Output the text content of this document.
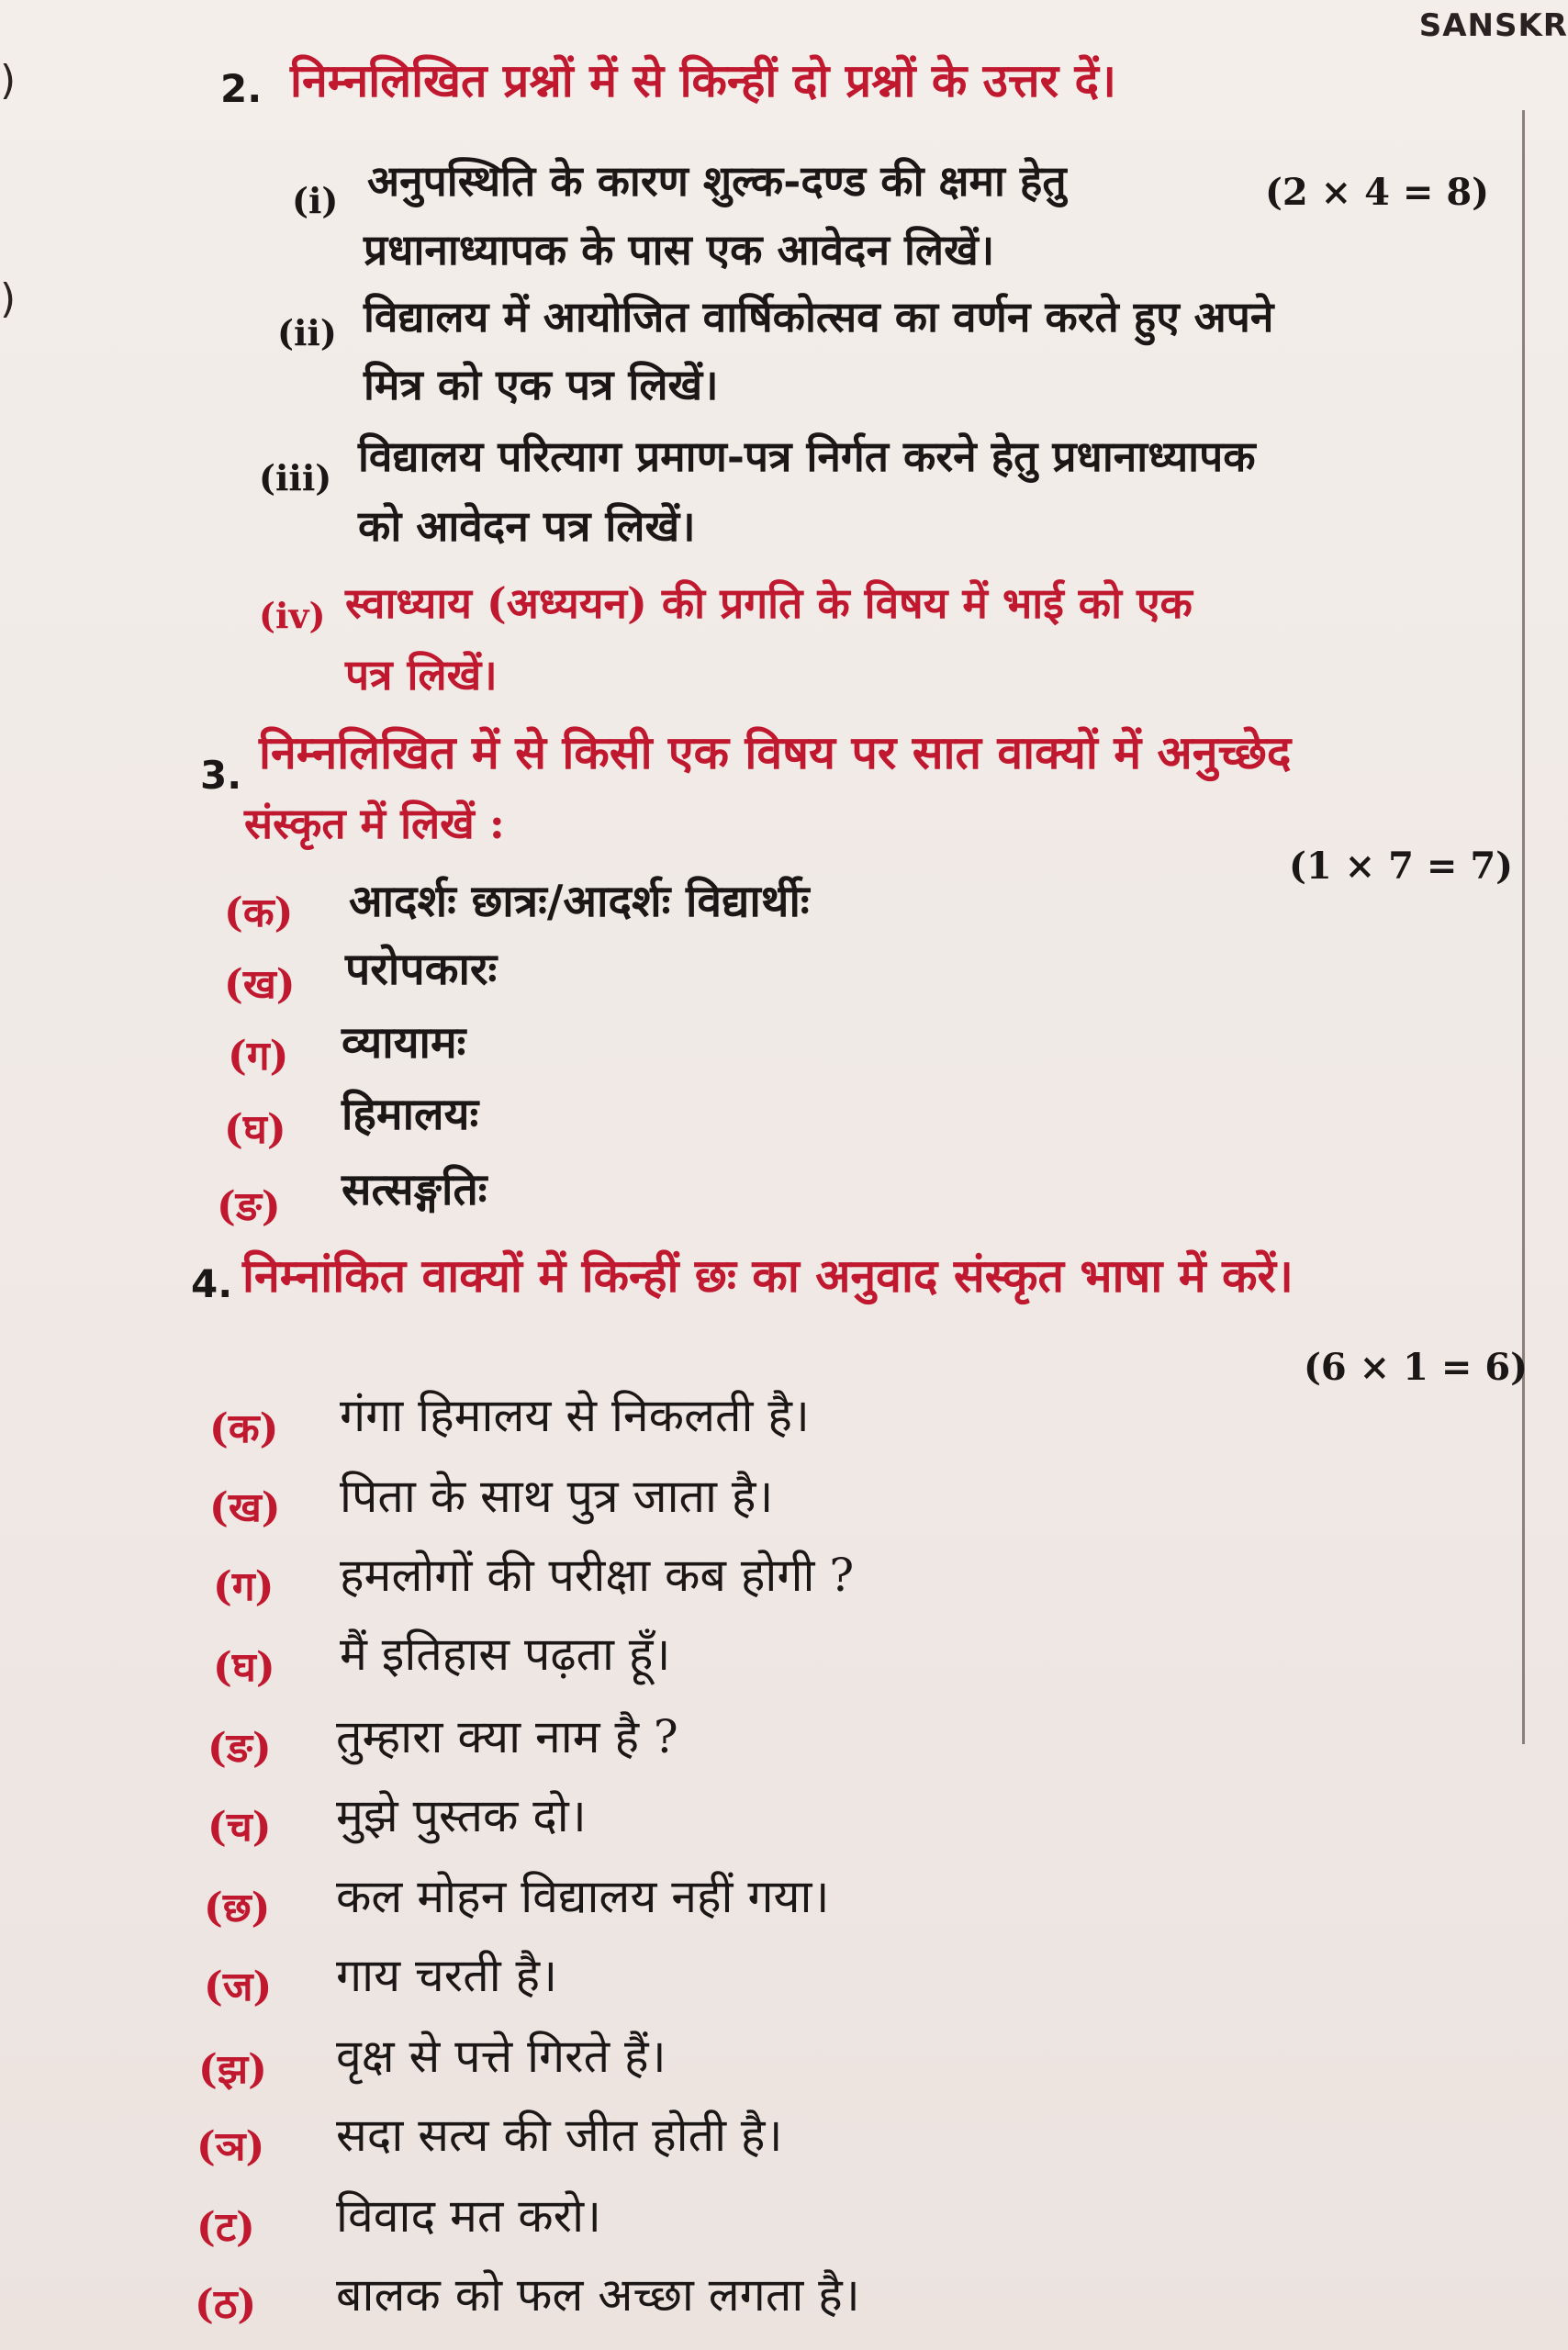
SANSKR
)
)
2. निम्नलिखित प्रश्नों में से किन्हीं दो प्रश्नों के उत्तर दें।
(2 × 4 = 8)
(i) अनुपस्थिति के कारण शुल्क-दण्ड की क्षमा हेतु
प्रधानाध्यापक के पास एक आवेदन लिखें।
(ii) विद्यालय में आयोजित वार्षिकोत्सव का वर्णन करते हुए अपने
मित्र को एक पत्र लिखें।
(iii) विद्यालय परित्याग प्रमाण-पत्र निर्गत करने हेतु प्रधानाध्यापक
को आवेदन पत्र लिखें।
(iv) स्वाध्याय (अध्ययन) की प्रगति के विषय में भाई को एक
पत्र लिखें।
3. निम्नलिखित में से किसी एक विषय पर सात वाक्यों में अनुच्छेद
संस्कृत में लिखें :
(1 × 7 = 7)
(क) आदर्शः छात्रः/आदर्शः विद्यार्थीः
(ख) परोपकारः
(ग) व्यायामः
(घ) हिमालयः
(ङ) सत्सङ्गतिः
4. निम्नांकित वाक्यों में किन्हीं छः का अनुवाद संस्कृत भाषा में करें।
(6 × 1 = 6)
(क) गंगा हिमालय से निकलती है।
(ख) पिता के साथ पुत्र जाता है।
(ग) हमलोगों की परीक्षा कब होगी ?
(घ) मैं इतिहास पढ़ता हूँ।
(ङ) तुम्हारा क्या नाम है ?
(च) मुझे पुस्तक दो।
(छ) कल मोहन विद्यालय नहीं गया।
(ज) गाय चरती है।
(झ) वृक्ष से पत्ते गिरते हैं।
(ञ) सदा सत्य की जीत होती है।
(ट) विवाद मत करो।
(ठ) बालक को फल अच्छा लगता है।
